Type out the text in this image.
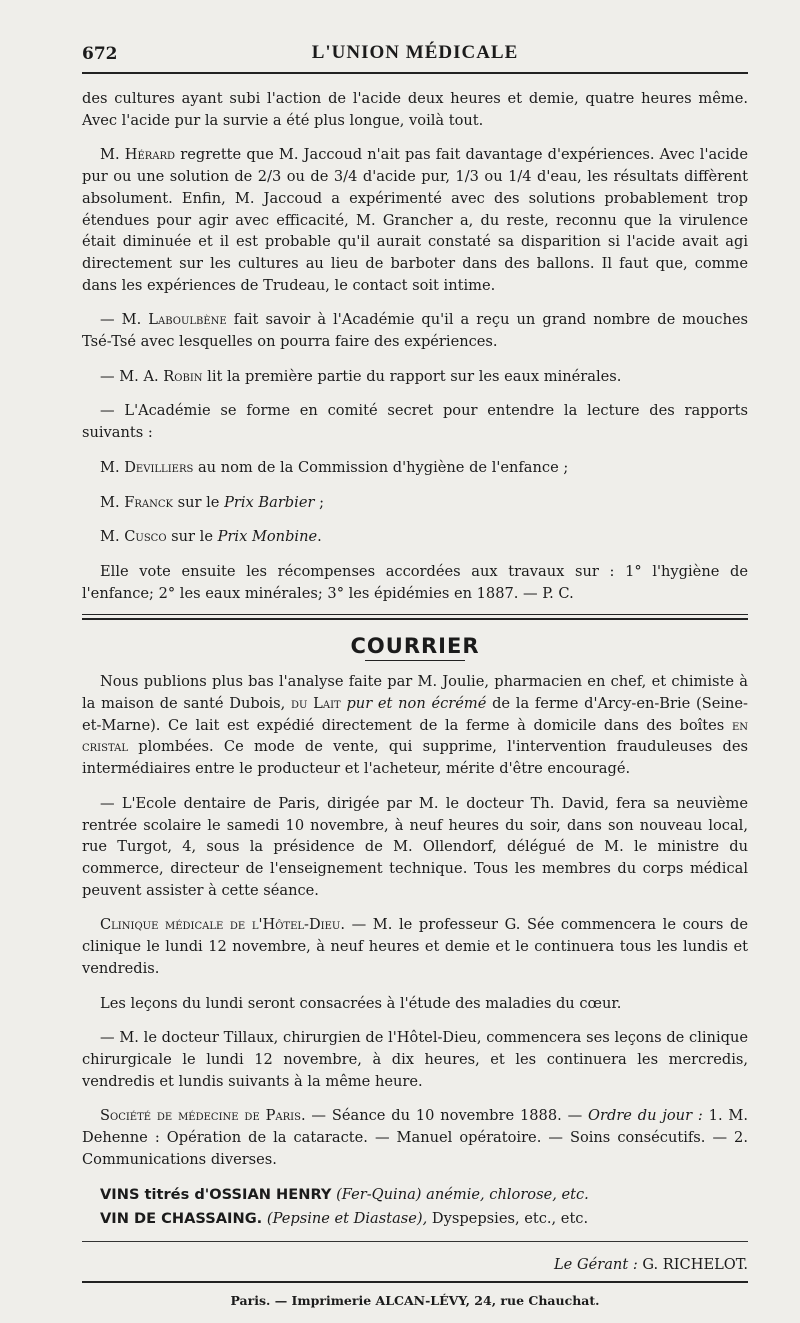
672	L'UNION MÉDICALE

des cultures ayant subi l'action de l'acide deux heures et demie, quatre heures même. Avec l'acide pur la survie a été plus longue, voilà tout.

M. Hérard regrette que M. Jaccoud n'ait pas fait davantage d'expériences. Avec l'acide pur ou une solution de 2/3 ou de 3/4 d'acide pur, 1/3 ou 1/4 d'eau, les résultats diffèrent absolument. Enfin, M. Jaccoud a expérimenté avec des solutions probablement trop étendues pour agir avec efficacité, M. Grancher a, du reste, reconnu que la virulence était diminuée et il est probable qu'il aurait constaté sa disparition si l'acide avait agi directement sur les cultures au lieu de barboter dans des ballons. Il faut que, comme dans les expériences de Trudeau, le contact soit intime.

— M. Laboulbène fait savoir à l'Académie qu'il a reçu un grand nombre de mouches Tsé-Tsé avec lesquelles on pourra faire des expériences.

— M. A. Robin lit la première partie du rapport sur les eaux minérales.

— L'Académie se forme en comité secret pour entendre la lecture des rapports suivants :

M. Devilliers au nom de la Commission d'hygiène de l'enfance ;

M. Franck sur le Prix Barbier ;

M. Cusco sur le Prix Monbine.

Elle vote ensuite les récompenses accordées aux travaux sur : 1° l'hygiène de l'enfance; 2° les eaux minérales; 3° les épidémies en 1887. — P. C.

COURRIER

Nous publions plus bas l'analyse faite par M. Joulie, pharmacien en chef, et chimiste à la maison de santé Dubois, du Lait pur et non écrémé de la ferme d'Arcy-en-Brie (Seine-et-Marne). Ce lait est expédié directement de la ferme à domicile dans des boîtes en cristal plombées. Ce mode de vente, qui supprime, l'intervention frauduleuses des intermédiaires entre le producteur et l'acheteur, mérite d'être encouragé.

— L'Ecole dentaire de Paris, dirigée par M. le docteur Th. David, fera sa neuvième rentrée scolaire le samedi 10 novembre, à neuf heures du soir, dans son nouveau local, rue Turgot, 4, sous la présidence de M. Ollendorf, délégué de M. le ministre du commerce, directeur de l'enseignement technique. Tous les membres du corps médical peuvent assister à cette séance.

Clinique médicale de l'Hôtel-Dieu. — M. le professeur G. Sée commencera le cours de clinique le lundi 12 novembre, à neuf heures et demie et le continuera tous les lundis et vendredis.

Les leçons du lundi seront consacrées à l'étude des maladies du cœur.

— M. le docteur Tillaux, chirurgien de l'Hôtel-Dieu, commencera ses leçons de clinique chirurgicale le lundi 12 novembre, à dix heures, et les continuera les mercredis, vendredis et lundis suivants à la même heure.

Société de médecine de Paris. — Séance du 10 novembre 1888. — Ordre du jour : 1. M. Dehenne : Opération de la cataracte. — Manuel opératoire. — Soins consécutifs. — 2. Communications diverses.

VINS titrés d'OSSIAN HENRY (Fer-Quina) anémie, chlorose, etc.
VIN DE CHASSAING. (Pepsine et Diastase), Dyspepsies, etc., etc.
Le Gérant : G. RICHELOT.
Paris. — Imprimerie ALCAN-LÉVY, 24, rue Chauchat.
